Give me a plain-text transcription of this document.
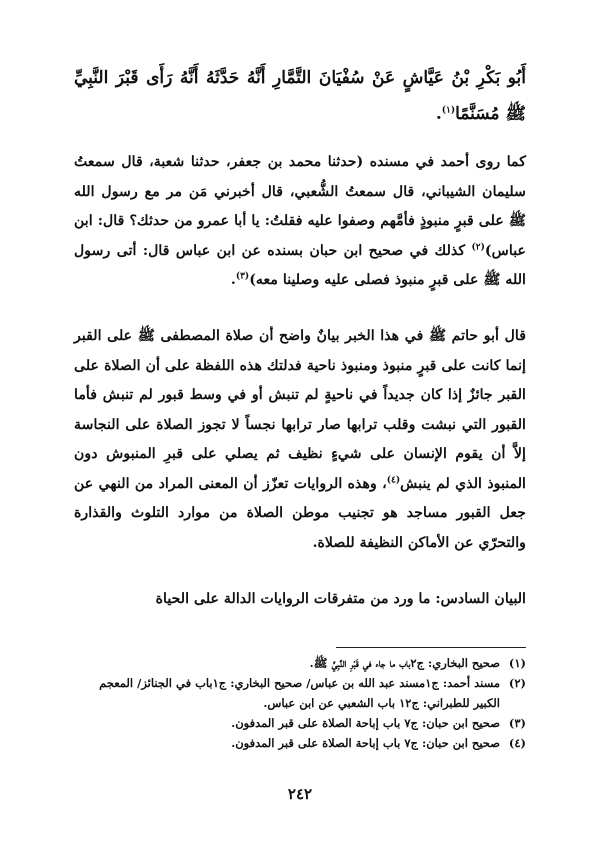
أَبُو بَكْرِ بْنُ عَيَّاشٍ عَنْ سُفْيَانَ التَّمَّارِ أَنَّهُ حَدَّثَهُ أَنَّهُ رَأَى قَبْرَ النَّبِيِّ ﷺ مُسَنَّمًا$^{(١)}$.
كما روى أحمد في مسنده (حدثنا محمد بن جعفر، حدثنا شعبة، قال سمعتُ سليمان الشيباني، قال سمعتُ الشُّعبي، قال أخبرني مَن مر مع رسول الله ﷺ على قبرٍ منبوذٍ فأمَّهم وصفوا عليه فقلتُ: يا أبا عمرو من حدثك؟ قال: ابن عباس)$^{(٢)}$ كذلك في صحيح ابن حبان بسنده عن ابن عباس قال: أتى رسول الله ﷺ على قبرٍ منبوذ فصلى عليه وصلينا معه)$^{(٣)}$.
قال أبو حاتم ﷺ في هذا الخبر بيانٌ واضح أن صلاة المصطفى ﷺ على القبر إنما كانت على قبرٍ منبوذ ومنبوذ ناحية فدلتك هذه اللفظة على أن الصلاة على القبر جائزٌ إذا كان جديداً في ناحيةٍ لم تنبش أو في وسط قبور لم تنبش فأما القبور التي نبشت وقلب ترابها صار ترابها نجساً لا تجوز الصلاة على النجاسة إلاَّ أن يقوم الإنسان على شيءٍ نظيف ثم يصلي على قبرِ المنبوش دون المنبوذ الذي لم ينبش$^{(٤)}$، وهذه الروايات تعزّز أن المعنى المراد من النهي عن جعل القبور مساجد هو تجنيب موطن الصلاة من موارد التلوث والقذارة والتحرّي عن الأماكن النظيفة للصلاة.
البيان السادس: ما ورد من متفرقات الروايات الدالة على الحياة
(١)
صحيح البخاري: ج٢باب ما جاء في قَبْرِ النَّبِيِّ ﷺ.
(٢)
مسند أحمد: ج١مسند عبد الله بن عباس/ صحيح البخاري: ج١باب في الجنائز/ المعجم الكبير للطبراني: ج١٢ باب الشعبي عن ابن عباس.
(٣)
صحيح ابن حبان: ج٧ باب إباحة الصلاة على قبر المدفون.
(٤)
صحيح ابن حبان: ج٧ باب إباحة الصلاة على قبر المدفون.
٢٤٢
